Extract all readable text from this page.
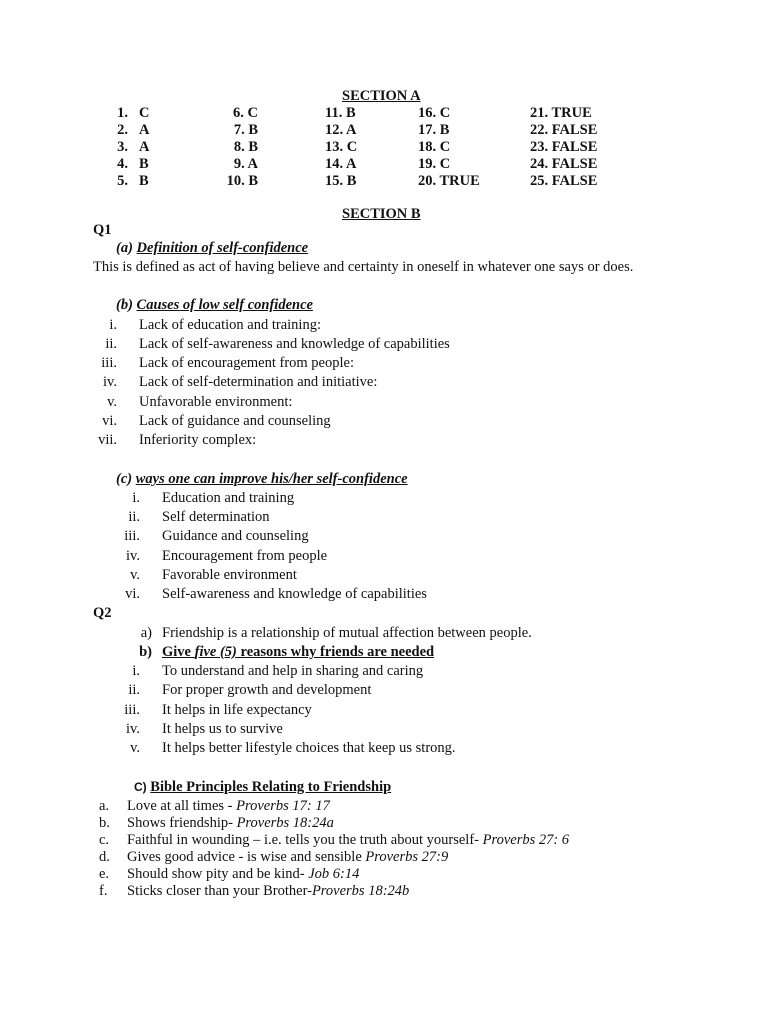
SECTION A
1. C
2. A
3. A
4. B
5. B
6. C
7. B
8. B
9. A
10. B
11. B
12. A
13. C
14. A
15. B
16. C
17. B
18. C
19. C
20. TRUE
21. TRUE
22. FALSE
23. FALSE
24. FALSE
25. FALSE
SECTION B
Q1
(a) Definition of self-confidence
This is defined as act of having believe and certainty in oneself in whatever one says or does.
(b) Causes of low self confidence
i. Lack of education and training:
ii. Lack of self-awareness and knowledge of capabilities
iii. Lack of encouragement from people:
iv. Lack of self-determination and initiative:
v. Unfavorable environment:
vi. Lack of guidance and counseling
vii. Inferiority complex:
(c) ways one can improve his/her self-confidence
i. Education and training
ii. Self determination
iii. Guidance and counseling
iv. Encouragement from people
v. Favorable environment
vi. Self-awareness and knowledge of capabilities
Q2
a) Friendship is a relationship of mutual affection between people.
b) Give five (5) reasons why friends are needed
i. To understand and help in sharing and caring
ii. For proper growth and development
iii. It helps in life expectancy
iv. It helps us to survive
v. It helps better lifestyle choices that keep us strong.
C) Bible Principles Relating to Friendship
a. Love at all times - Proverbs 17: 17
b. Shows friendship- Proverbs 18:24a
c. Faithful in wounding – i.e. tells you the truth about yourself- Proverbs 27: 6
d. Gives good advice - is wise and sensible Proverbs 27:9
e. Should show pity and be kind- Job 6:14
f. Sticks closer than your Brother-Proverbs 18:24b
